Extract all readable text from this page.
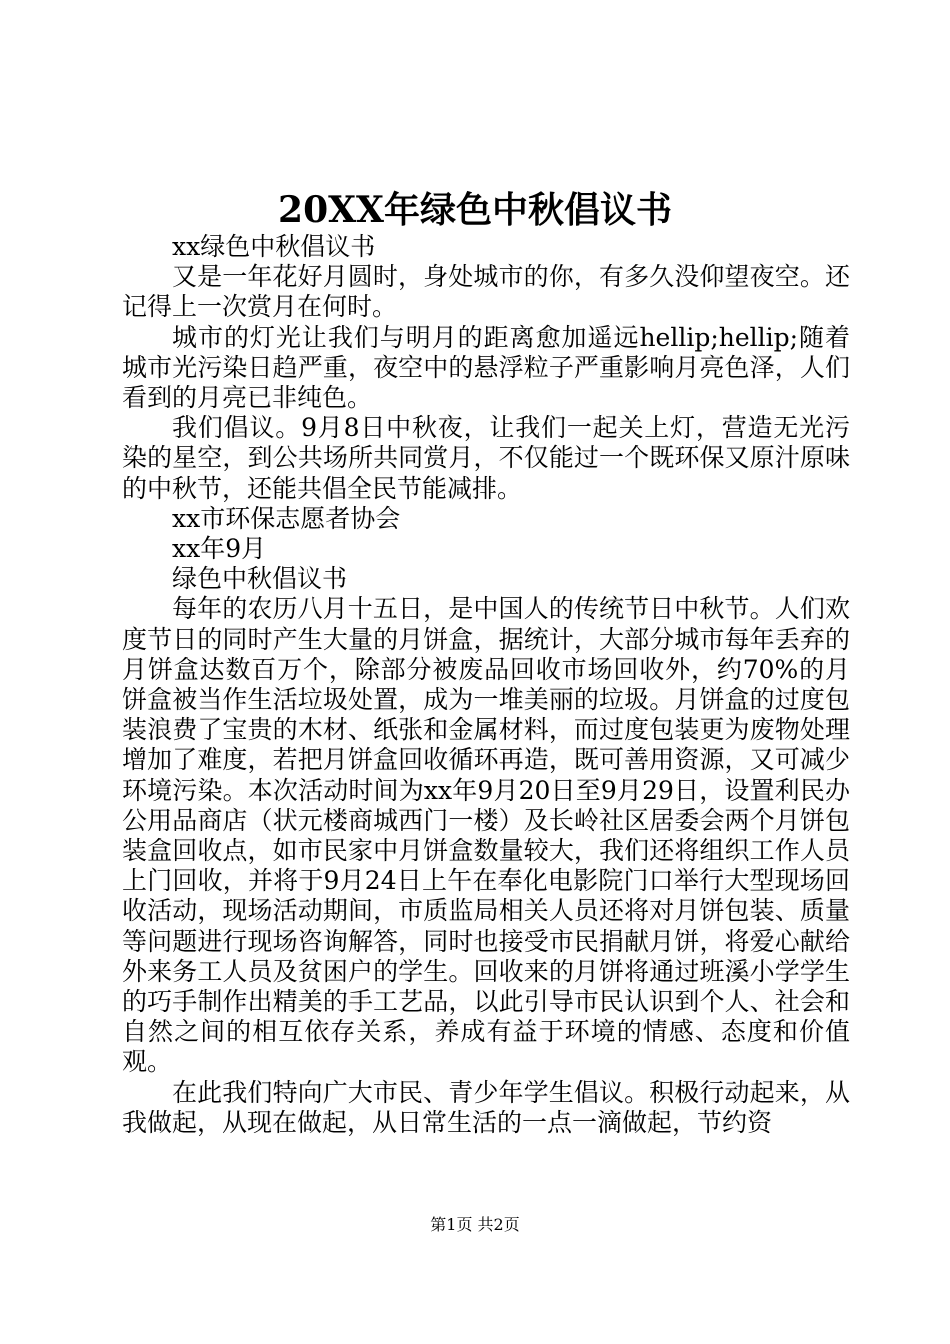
20XX年绿色中秋倡议书

xx绿色中秋倡议书

又是一年花好月圆时，身处城市的你，有多久没仰望夜空。还记得上一次赏月在何时。

城市的灯光让我们与明月的距离愈加遥远hellip;hellip;随着城市光污染日趋严重，夜空中的悬浮粒子严重影响月亮色泽，人们看到的月亮已非纯色。

我们倡议。9月8日中秋夜，让我们一起关上灯，营造无光污染的星空，到公共场所共同赏月，不仅能过一个既环保又原汁原味的中秋节，还能共倡全民节能减排。

xx市环保志愿者协会

xx年9月

绿色中秋倡议书

每年的农历八月十五日，是中国人的传统节日中秋节。人们欢度节日的同时产生大量的月饼盒，据统计，大部分城市每年丢弃的月饼盒达数百万个，除部分被废品回收市场回收外，约70%的月饼盒被当作生活垃圾处置，成为一堆美丽的垃圾。月饼盒的过度包装浪费了宝贵的木材、纸张和金属材料，而过度包装更为废物处理增加了难度，若把月饼盒回收循环再造，既可善用资源，又可减少环境污染。本次活动时间为xx年9月20日至9月29日，设置利民办公用品商店（状元楼商城西门一楼）及长岭社区居委会两个月饼包装盒回收点，如市民家中月饼盒数量较大，我们还将组织工作人员上门回收，并将于9月24日上午在奉化电影院门口举行大型现场回收活动，现场活动期间，市质监局相关人员还将对月饼包装、质量等问题进行现场咨询解答，同时也接受市民捐献月饼，将爱心献给外来务工人员及贫困户的学生。回收来的月饼将通过班溪小学学生的巧手制作出精美的手工艺品，以此引导市民认识到个人、社会和自然之间的相互依存关系，养成有益于环境的情感、态度和价值观。

在此我们特向广大市民、青少年学生倡议。积极行动起来，从我做起，从现在做起，从日常生活的一点一滴做起，节约资

第1页 共2页
